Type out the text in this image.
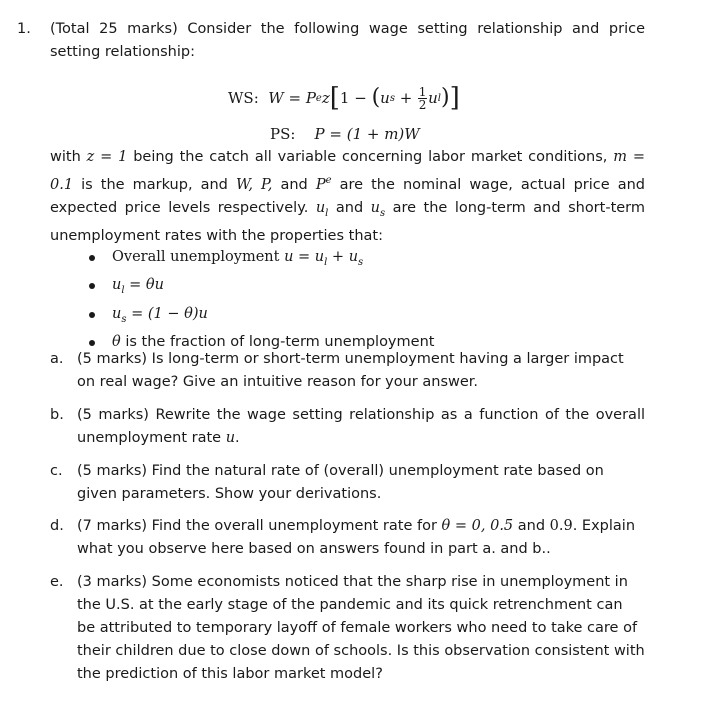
1. (Total 25 marks) Consider the following wage setting relationship and price setting relationship:
WS:
W = P e z [ 1 −
( u s
+
$\frac{1}{2}$ u l ) ]
PS: P = (1 + m)W
with z = 1 being the catch all variable concerning labor market conditions, m = 0.1 is the markup, and W, P, and $P^e$ are the nominal wage, actual price and expected price levels respectively. $u_l$ and $u_s$ are the long-term and short-term unemployment rates with the properties that:
Overall unemployment $u = u_l + u_s$
$u_l = \theta u$
$u_s = (1 - \theta)u$
θ is the fraction of long-term unemployment
a. (5 marks) Is long-term or short-term unemployment having a larger impact on real wage? Give an intuitive reason for your answer.
b. (5 marks) Rewrite the wage setting relationship as a function of the overall unemployment rate u.
c. (5 marks) Find the natural rate of (overall) unemployment rate based on given parameters. Show your derivations.
d. (7 marks) Find the overall unemployment rate for θ = 0, 0.5 and 0.9. Explain what you observe here based on answers found in part a. and b..
e. (3 marks) Some economists noticed that the sharp rise in unemployment in the U.S. at the early stage of the pandemic and its quick retrenchment can be attributed to temporary layoff of female workers who need to take care of their children due to close down of schools. Is this observation consistent with the prediction of this labor market model?
